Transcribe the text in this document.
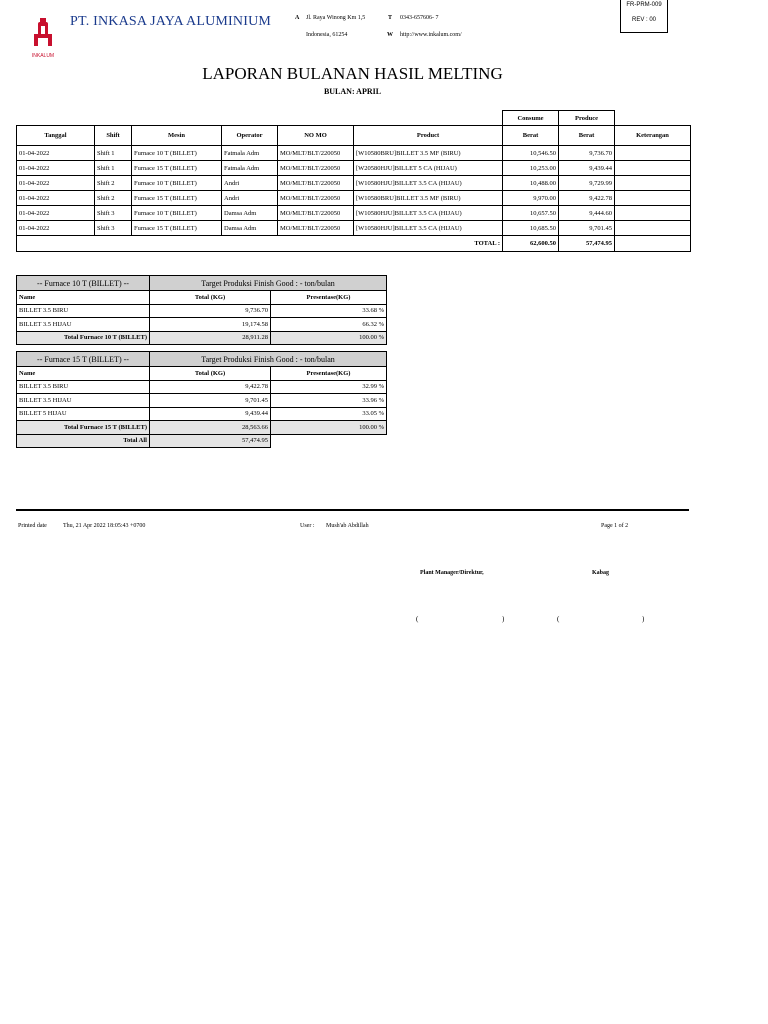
INKALUM
PT. INKASA JAYA ALUMINIUM	A Jl. Raya Winong Km 1,5	T 0343-657606- 7
Indonesia, 61254	W http://www.inkalum.com/
FR-PRM-009
REV : 00
LAPORAN BULANAN HASIL MELTING
BULAN: APRIL
						Consume	Produce	
Tanggal	Shift	Mesin	Operator	NO MO	Product	Berat	Berat	Keterangan
01-04-2022	Shift 1	Furnace 10 T (BILLET)	Fatmala Adm	MO/MLT/BLT/220050	[W10580BRU]BILLET 3.5 MF (BIRU)	10,546.50	9,736.70	
01-04-2022	Shift 1	Furnace 15 T (BILLET)	Fatmala Adm	MO/MLT/BLT/220050	[W20580HJU]BILLET 5 CA (HIJAU)	10,253.00	9,439.44	
01-04-2022	Shift 2	Furnace 10 T (BILLET)	Andri	MO/MLT/BLT/220050	[W10580HJU]BILLET 3.5 CA (HIJAU)	10,488.00	9,729.99	
01-04-2022	Shift 2	Furnace 15 T (BILLET)	Andri	MO/MLT/BLT/220050	[W10580BRU]BILLET 3.5 MF (BIRU)	9,970.00	9,422.78	
01-04-2022	Shift 3	Furnace 10 T (BILLET)	Damsa Adm	MO/MLT/BLT/220050	[W10580HJU]BILLET 3.5 CA (HIJAU)	10,657.50	9,444.60	
01-04-2022	Shift 3	Furnace 15 T (BILLET)	Damsa Adm	MO/MLT/BLT/220050	[W10580HJU]BILLET 3.5 CA (HIJAU)	10,685.50	9,701.45	
TOTAL :						62,600.50	57,474.95	
-- Furnace 10 T (BILLET) --	Target Produksi Finish Good : - ton/bulan	
Name	Total (KG)	Presentase(KG)
BILLET 3.5 BIRU	9,736.70	33.68 %
BILLET 3.5 HIJAU	19,174.58	66.32 %
Total Furnace 10 T (BILLET)	28,911.28	100.00 %
-- Furnace 15 T (BILLET) --	Target Produksi Finish Good : - ton/bulan	
Name	Total (KG)	Presentase(KG)
BILLET 3.5 BIRU	9,422.78	32.99 %
BILLET 3.5 HIJAU	9,701.45	33.96 %
BILLET 5 HIJAU	9,439.44	33.05 %
Total Furnace 15 T (BILLET)	28,563.66	100.00 %
Total All	57,474.95	
Printed date	Thu, 21 Apr 2022 18:05:43 +0700	User : Mush'ab Abdillah	Page 1 of 2
Plant Manager/Direktur,	Kabag
(	)	(	)
